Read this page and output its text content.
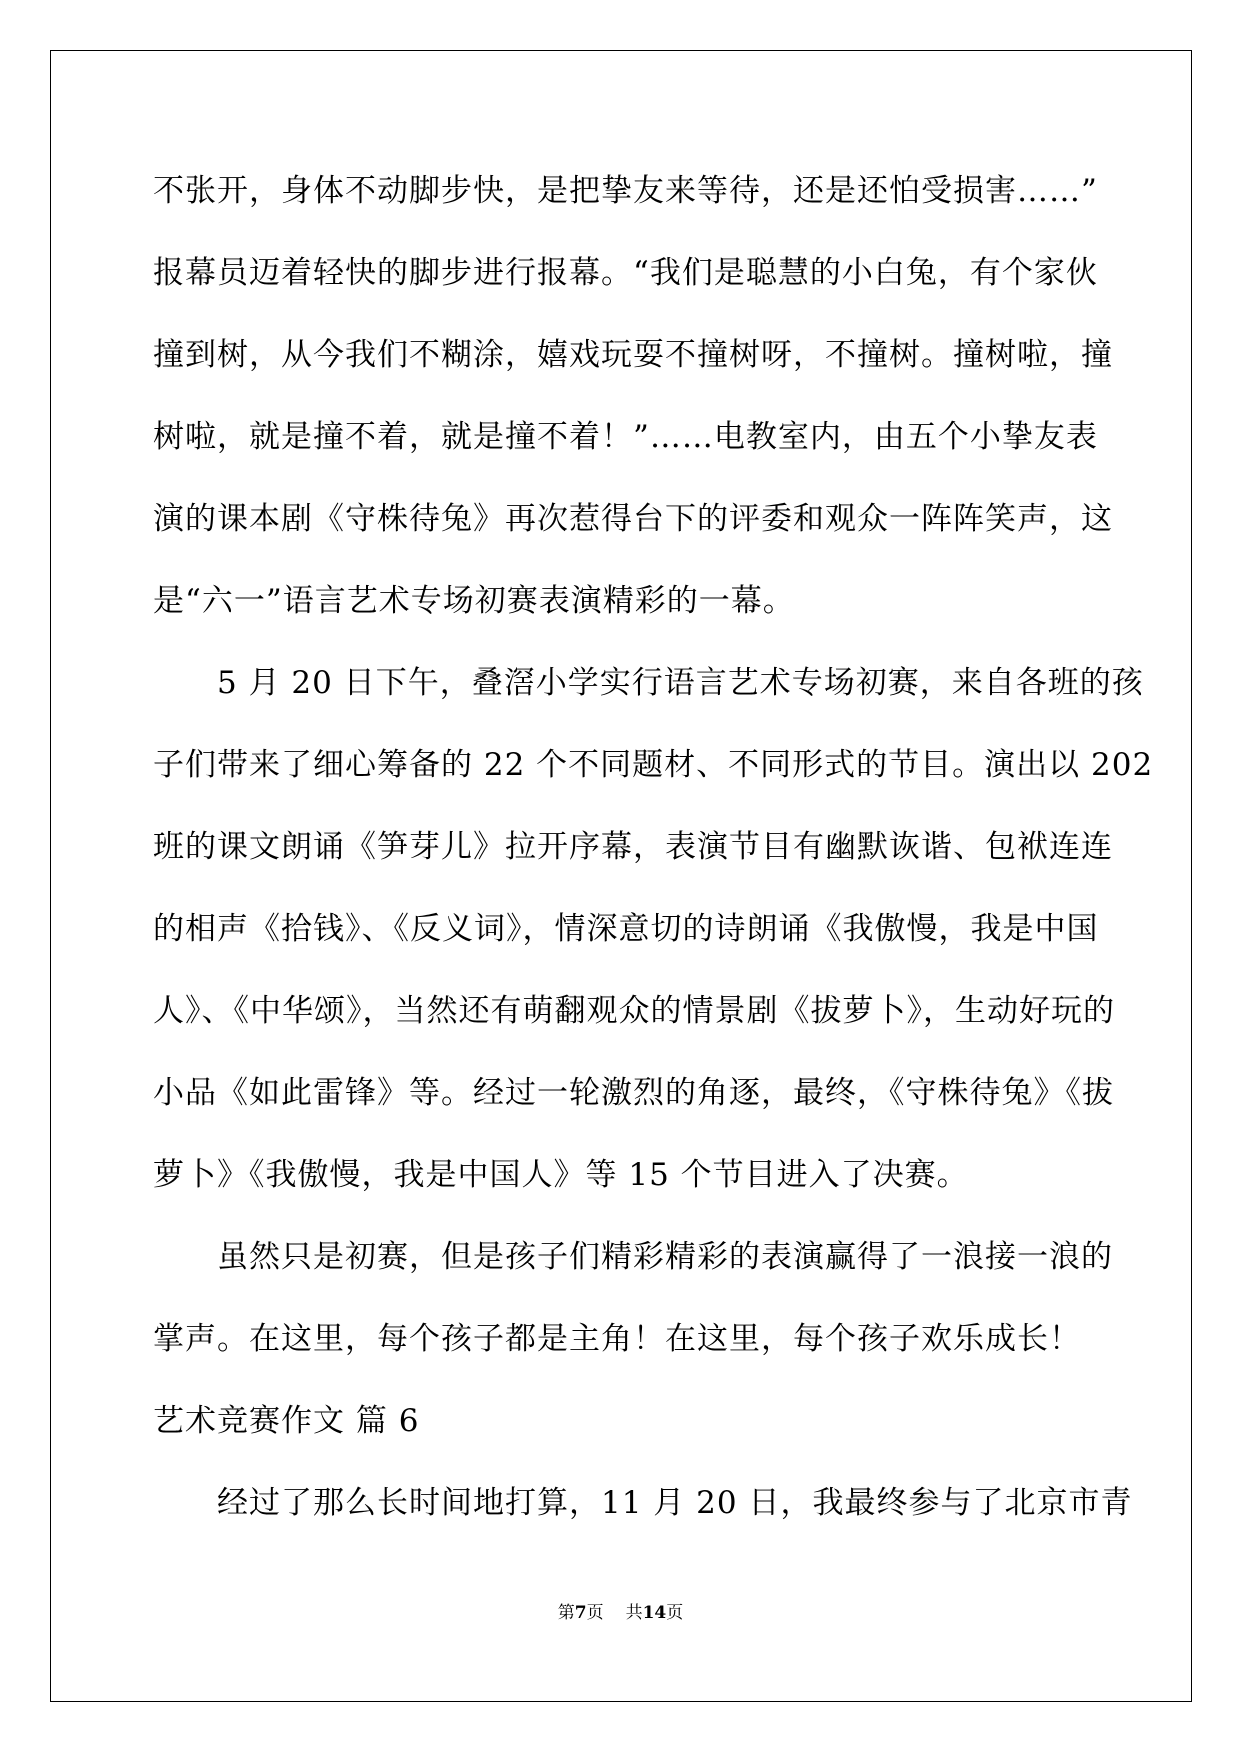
不张开，身体不动脚步快，是把挚友来等待，还是还怕受损害……”
报幕员迈着轻快的脚步进行报幕。“我们是聪慧的小白兔，有个家伙
撞到树，从今我们不糊涂，嬉戏玩耍不撞树呀，不撞树。撞树啦，撞
树啦，就是撞不着，就是撞不着！”……电教室内，由五个小挚友表
演的课本剧《守株待兔》再次惹得台下的评委和观众一阵阵笑声，这
是“六一”语言艺术专场初赛表演精彩的一幕。
5 月 20 日下午，叠滘小学实行语言艺术专场初赛，来自各班的孩
子们带来了细心筹备的 22 个不同题材、不同形式的节目。演出以 202
班的课文朗诵《笋芽儿》拉开序幕，表演节目有幽默诙谐、包袱连连
的相声《拾钱》、《反义词》，情深意切的诗朗诵《我傲慢，我是中国
人》、《中华颂》，当然还有萌翻观众的情景剧《拔萝卜》，生动好玩的
小品《如此雷锋》等。经过一轮激烈的角逐，最终，《守株待兔》《拔
萝卜》《我傲慢，我是中国人》等 15 个节目进入了决赛。
虽然只是初赛，但是孩子们精彩精彩的表演赢得了一浪接一浪的
掌声。在这里，每个孩子都是主角！在这里，每个孩子欢乐成长！
艺术竞赛作文 篇 6
经过了那么长时间地打算，11 月 20 日，我最终参与了北京市青
第7页 共14页
